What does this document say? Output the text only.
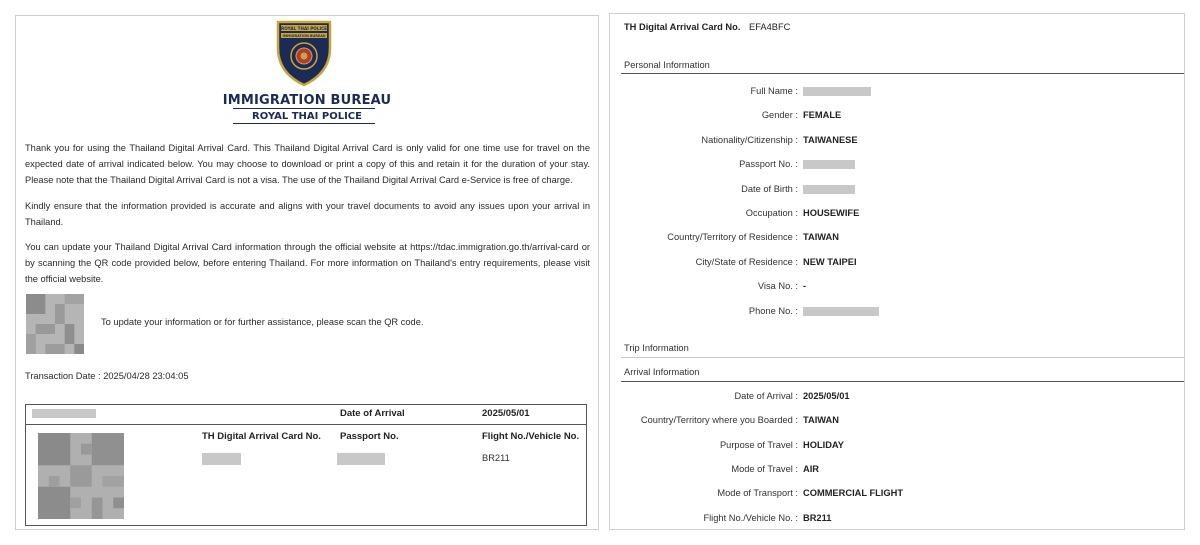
ROYAL THAI POLICE
IMMIGRATION BUREAU
IMMIGRATION BUREAU
ROYAL THAI POLICE

Thank you for using the Thailand Digital Arrival Card. This Thailand Digital Arrival Card is only valid for one time use for travel on the expected date of arrival indicated below. You may choose to download or print a copy of this and retain it for the duration of your stay. Please note that the Thailand Digital Arrival Card is not a visa. The use of the Thailand Digital Arrival Card e-Service is free of charge.

Kindly ensure that the information provided is accurate and aligns with your travel documents to avoid any issues upon your arrival in Thailand.

You can update your Thailand Digital Arrival Card information through the official website at https://tdac.immigration.go.th/arrival-card or by scanning the QR code provided below, before entering Thailand. For more information on Thailand's entry requirements, please visit the official website.

To update your information or for further assistance, please scan the QR code.
Transaction Date : 2025/04/28 23:04:05
Date of Arrival	2025/05/01
TH Digital Arrival Card No. Passport No.	Flight No./Vehicle No.
BR211
TH Digital Arrival Card No. EFA4BFC
Personal Information
Full Name :
Gender : FEMALE
Nationality/Citizenship : TAIWANESE
Passport No. :
Date of Birth :
Occupation : HOUSEWIFE
Country/Territory of Residence : TAIWAN
City/State of Residence : NEW TAIPEI
Visa No. : -
Phone No. :
Trip Information
Arrival Information
Date of Arrival : 2025/05/01
Country/Territory where you Boarded : TAIWAN
Purpose of Travel : HOLIDAY
Mode of Travel : AIR
Mode of Transport : COMMERCIAL FLIGHT
Flight No./Vehicle No. : BR211
